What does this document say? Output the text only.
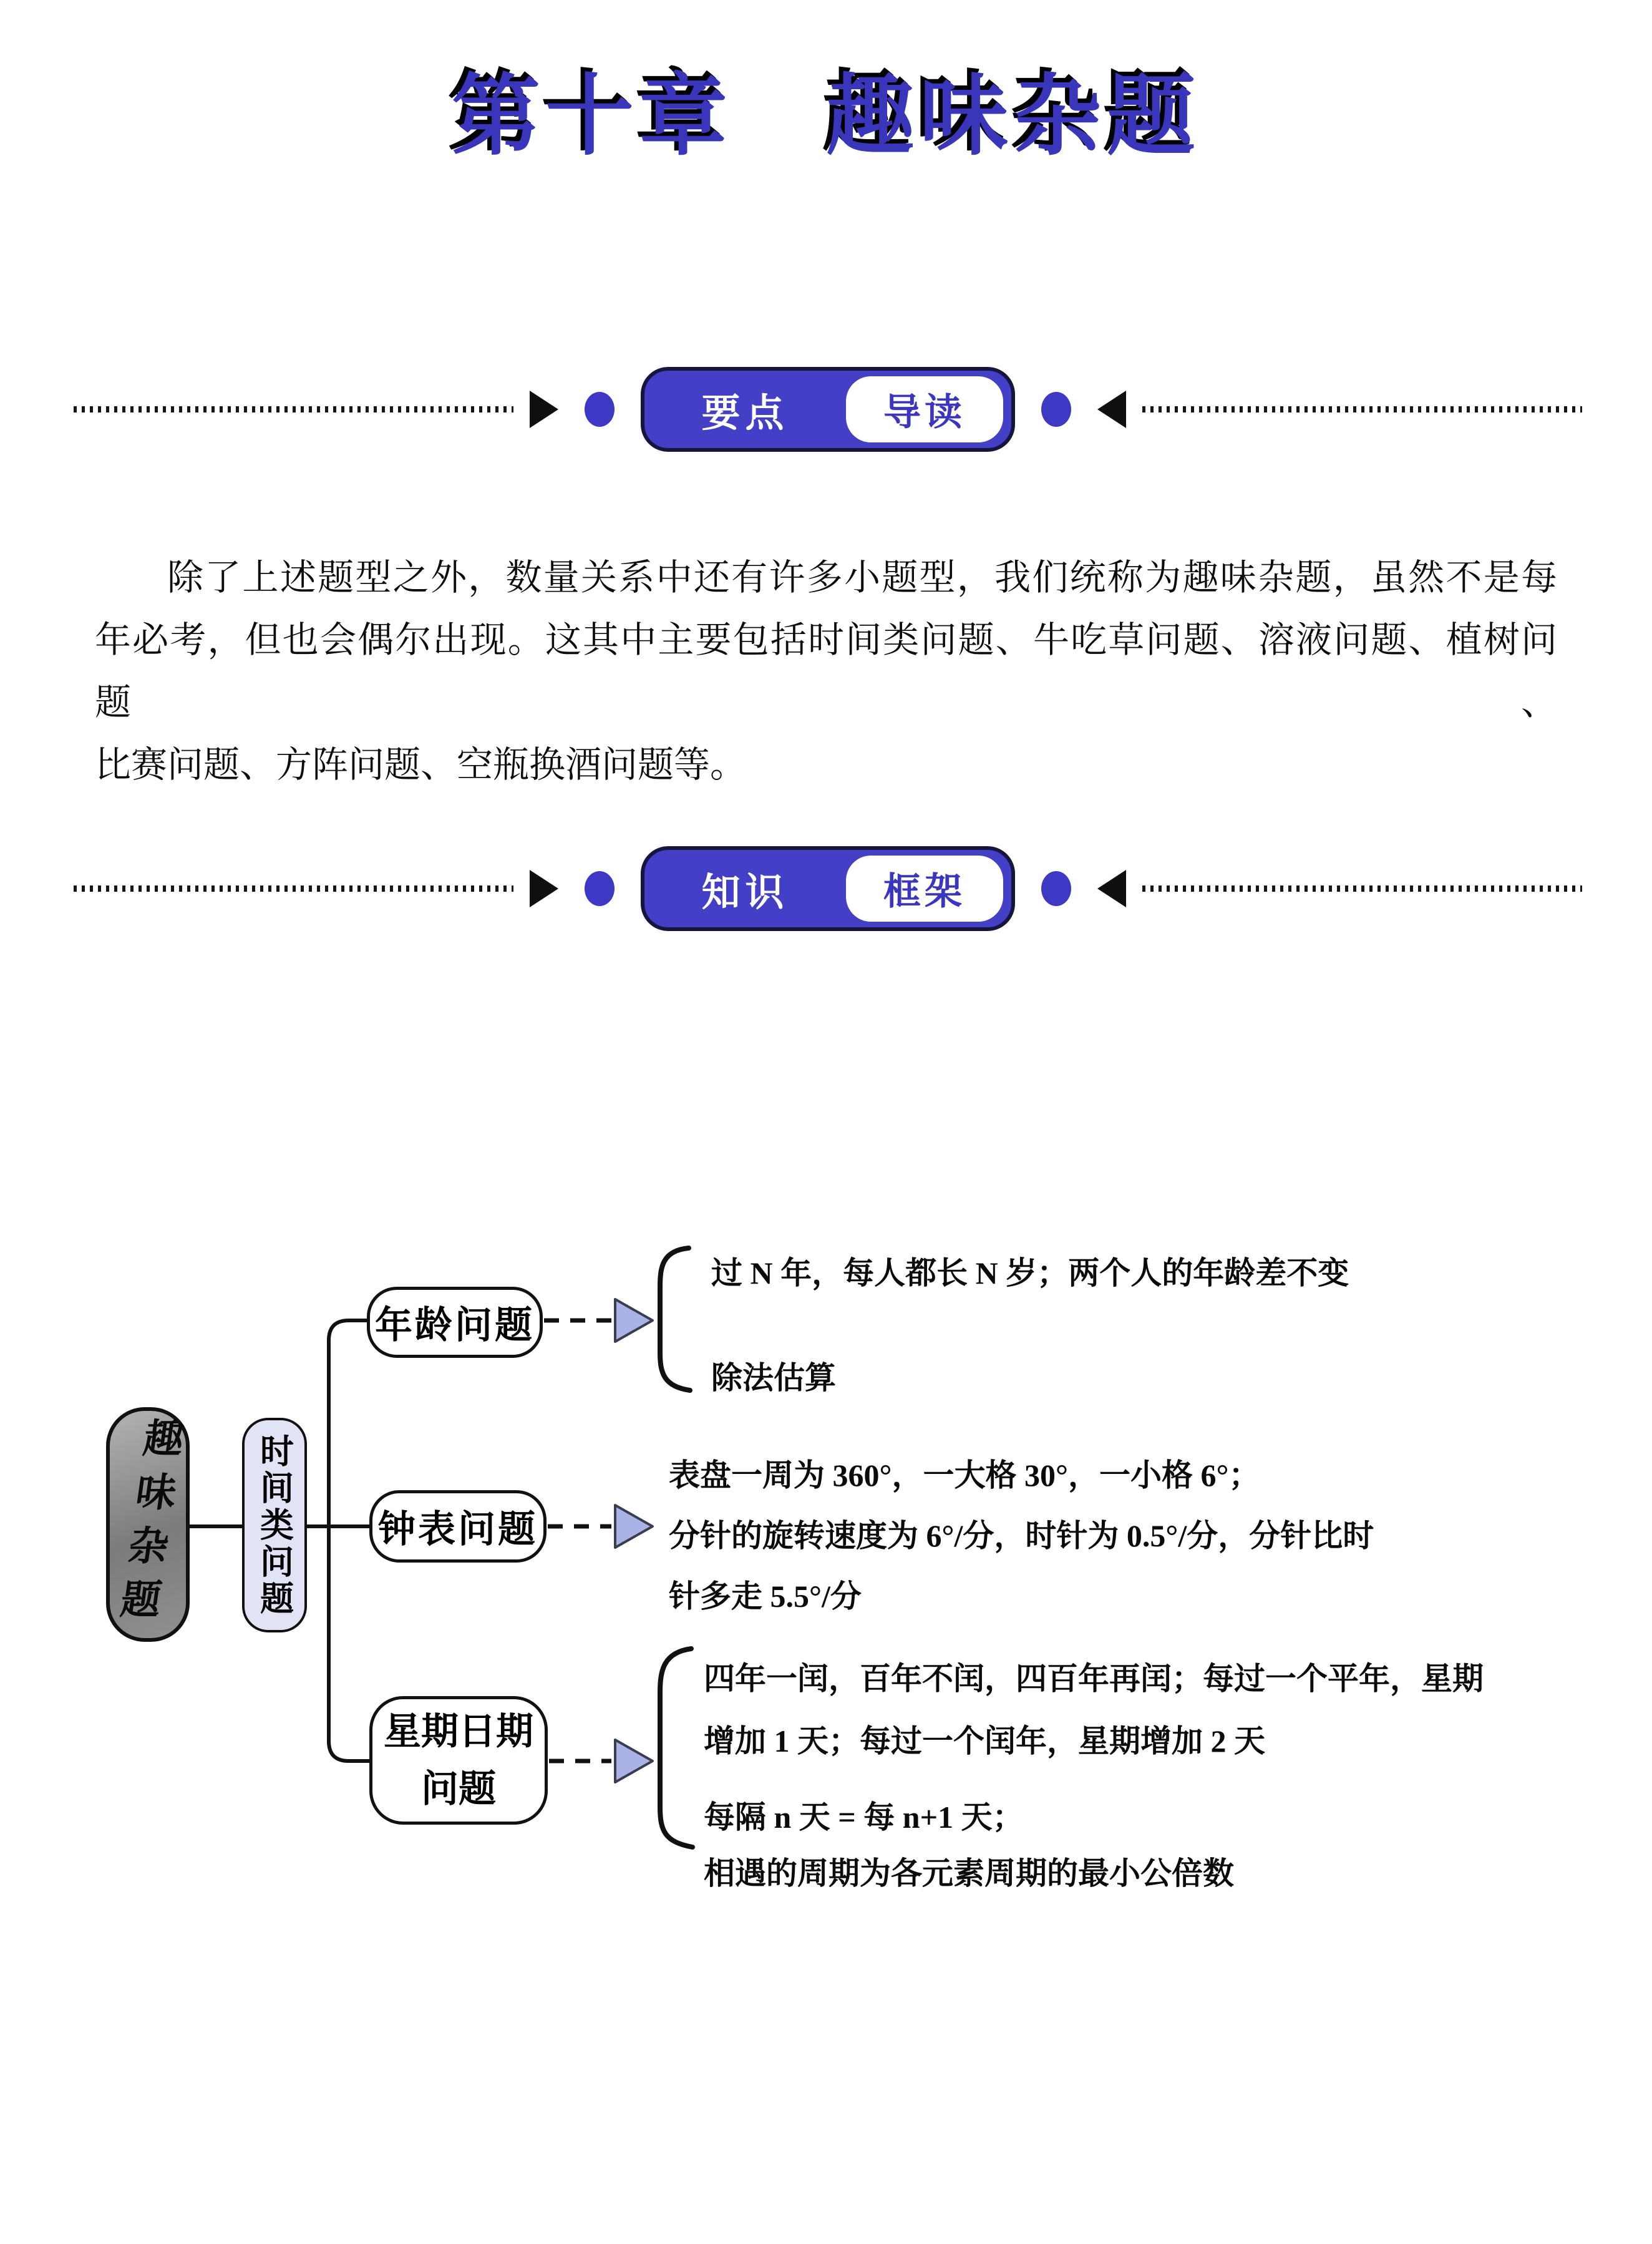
第十章　趣味杂题
要点	导读
除了上述题型之外，数量关系中还有许多小题型，我们统称为趣味杂题，虽然不是每
年必考，但也会偶尔出现。这其中主要包括时间类问题、牛吃草问题、溶液问题、植树问题、
比赛问题、方阵问题、空瓶换酒问题等。
知识	框架
趣味杂题 时间类问题
年龄问题
钟表问题
星期日期问题
过 N 年，每人都长 N 岁；两个人的年龄差不变
除法估算
表盘一周为 360°，一大格 30°，一小格 6°；
分针的旋转速度为 6°/分，时针为 0.5°/分，分针比时
针多走 5.5°/分
四年一闰，百年不闰，四百年再闰；每过一个平年，星期
增加 1 天；每过一个闰年，星期增加 2 天
每隔 n 天 = 每 n+1 天；
相遇的周期为各元素周期的最小公倍数
